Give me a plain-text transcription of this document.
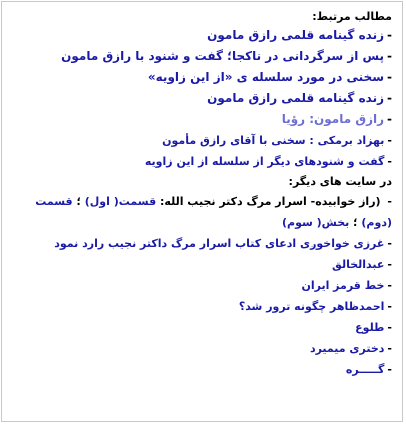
مطالب مرتبط:
-زنده گینامه قلمی رازق مامون
-پس از سرگردانی در ناکجا؛ گفت و شنود با رازق مامون
-سخنی در مورد سلسله ی «از این زاویه»
-زنده گینامه قلمی رازق مامون
-رازق مامون: رؤیا
-بهزاد برمکی : سخنی با آقای رازق مأمون
-گفت و شنودهای دیگر از سلسله از این زاویه
در سایت های دیگر:
- (راز خوابیده- اسرار مرگ دکتر نجیب الله: قسمت( اول) ؛ قسمت (دوم) ؛ بخش( سوم)
-غرزی خواخوږی ادعای کتاب اسرار مرگ داکتر نجیب رارد نمود
-عبدالخالق
-خط قرمز ایران
-احمدظاهر چگونه ترور شد؟
-طلوع
-دختری میمیرد
-گـــــره
